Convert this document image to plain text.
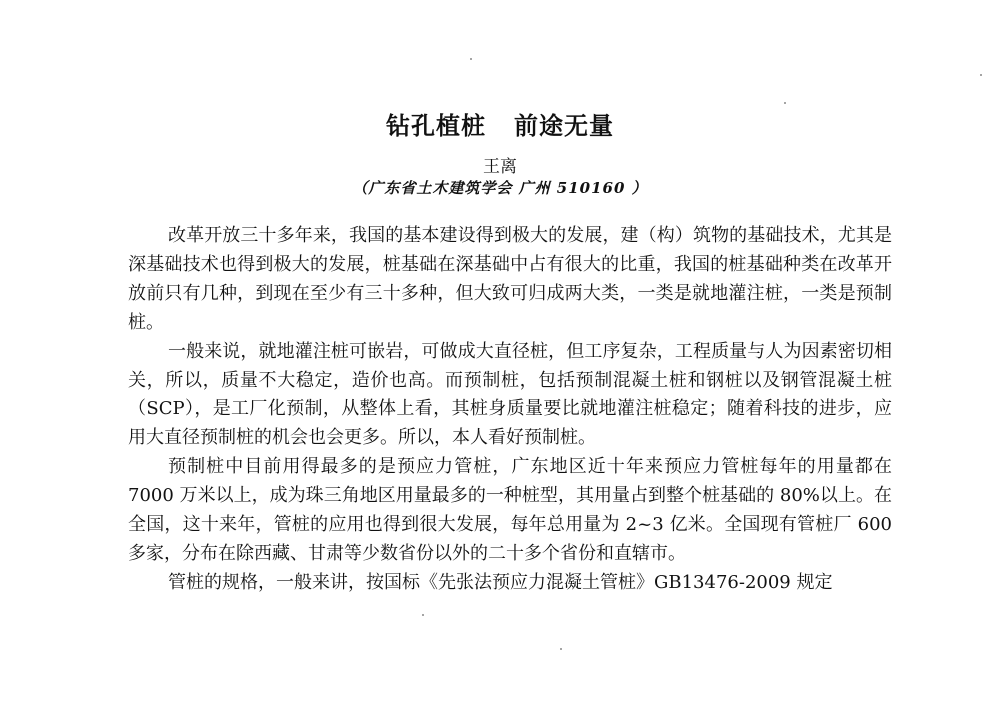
钻孔植桩   前途无量
王离
（广东省土木建筑学会 广州 510160 ）

改革开放三十多年来，我国的基本建设得到极大的发展，建（构）筑物的基础技术，尤其是深基础技术也得到极大的发展，桩基础在深基础中占有很大的比重，我国的桩基础种类在改革开放前只有几种，到现在至少有三十多种，但大致可归成两大类，一类是就地灌注桩，一类是预制桩。

一般来说，就地灌注桩可嵌岩，可做成大直径桩，但工序复杂，工程质量与人为因素密切相关，所以，质量不大稳定，造价也高。而预制桩，包括预制混凝土桩和钢桩以及钢管混凝土桩（SCP），是工厂化预制，从整体上看，其桩身质量要比就地灌注桩稳定；随着科技的进步，应用大直径预制桩的机会也会更多。所以，本人看好预制桩。

预制桩中目前用得最多的是预应力管桩，广东地区近十年来预应力管桩每年的用量都在 7000 万米以上，成为珠三角地区用量最多的一种桩型，其用量占到整个桩基础的 80%以上。在全国，这十来年，管桩的应用也得到很大发展，每年总用量为 2~3 亿米。全国现有管桩厂 600 多家，分布在除西藏、甘肃等少数省份以外的二十多个省份和直辖市。

管桩的规格，一般来讲，按国标《先张法预应力混凝土管桩》GB13476-2009 规定
